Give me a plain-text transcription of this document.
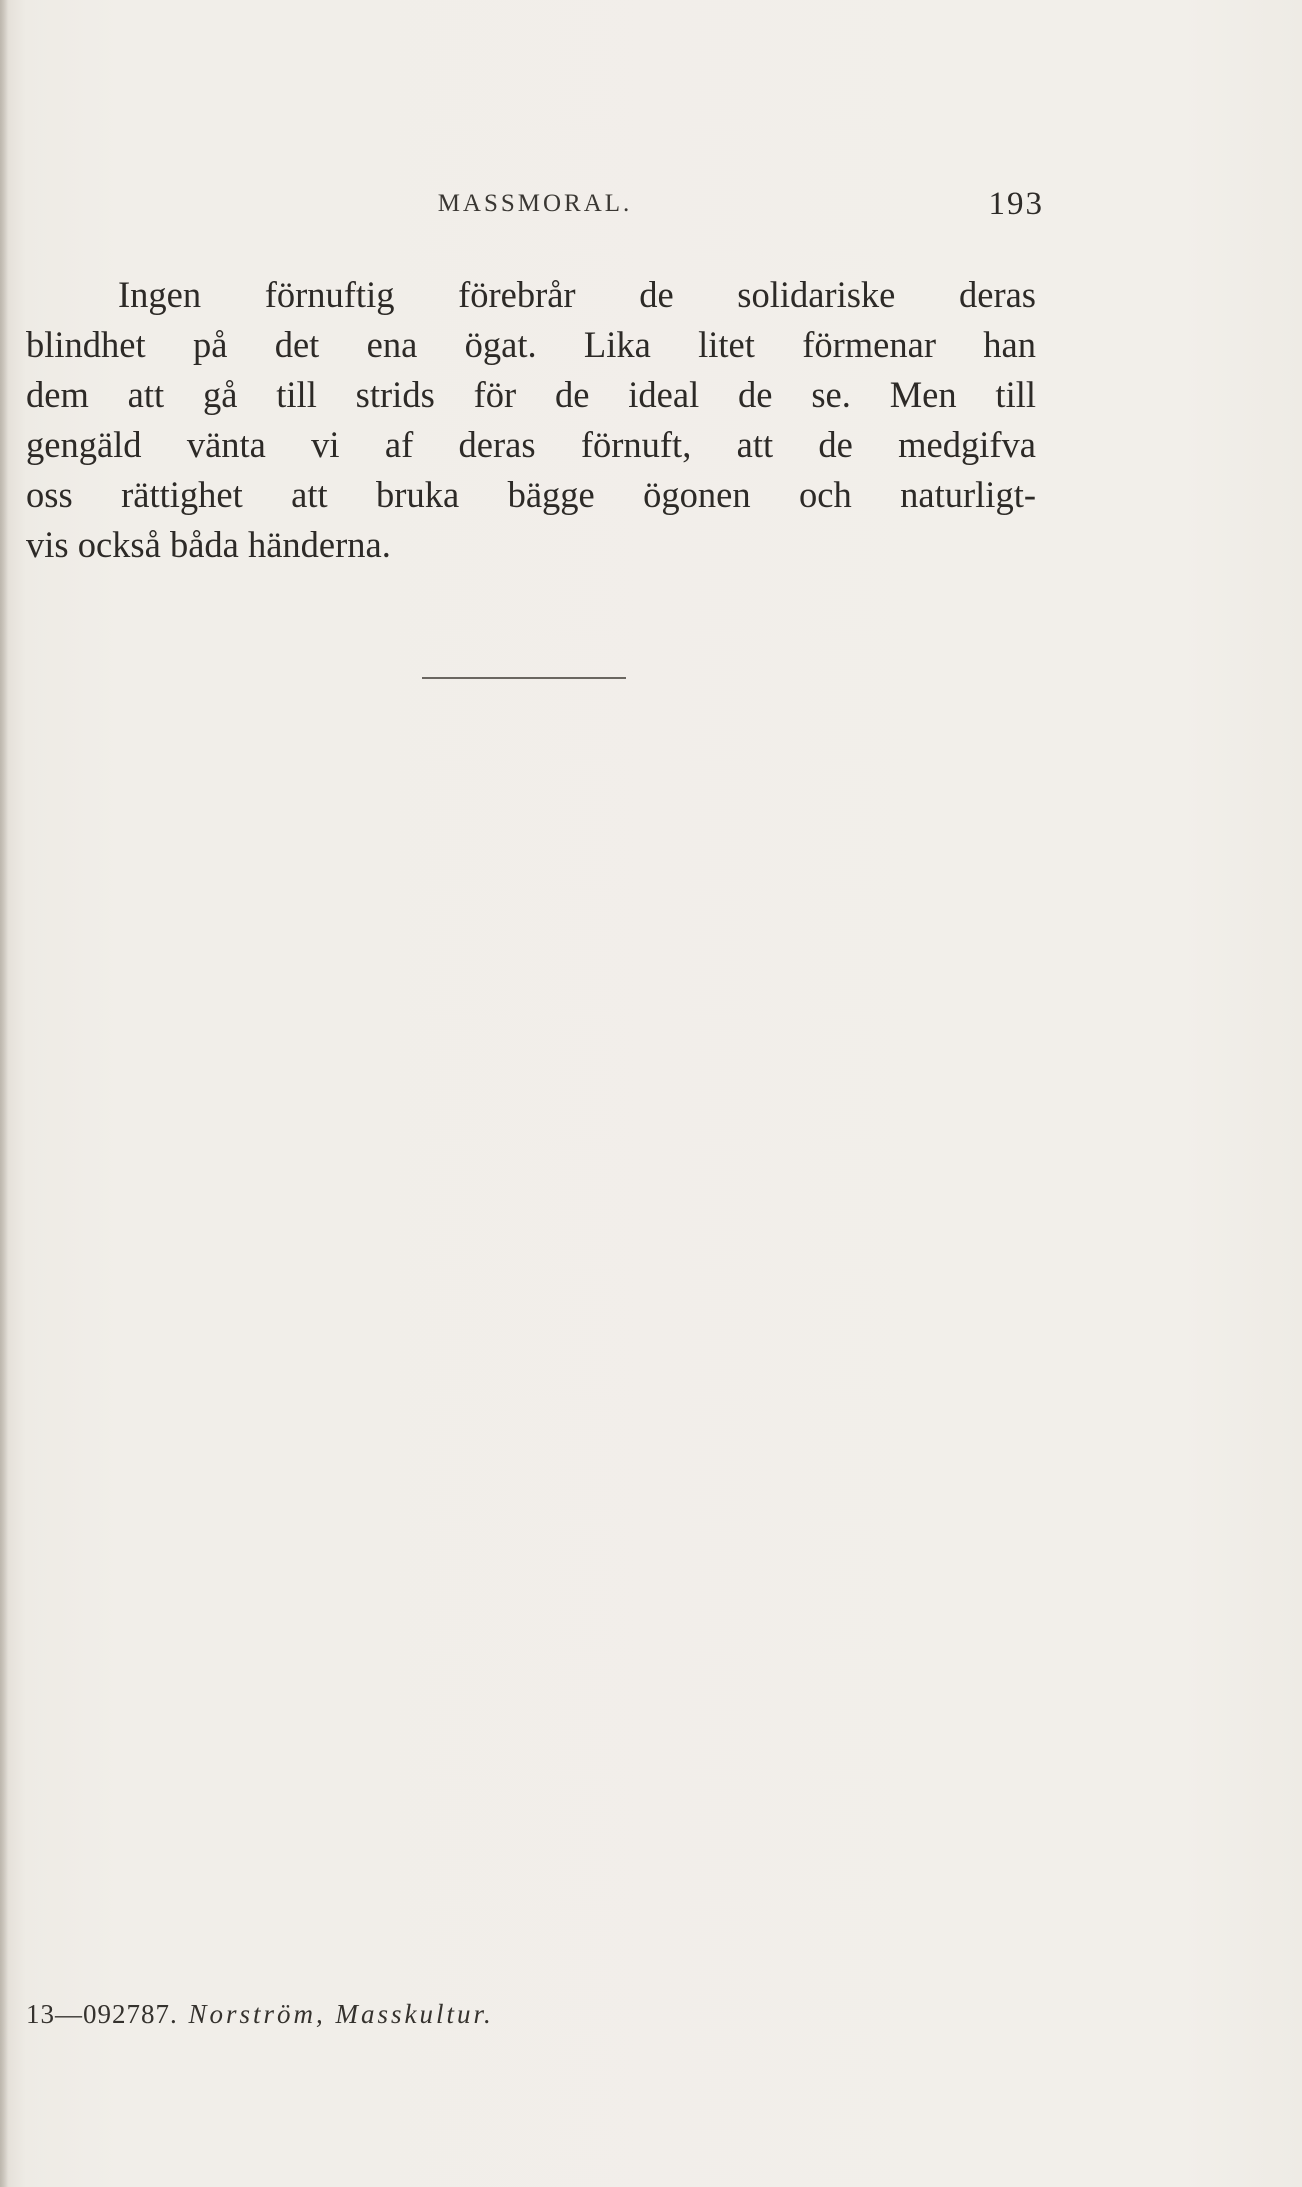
MASSMORAL.	193
Ingen förnuftig förebrår de solidariske deras
blindhet på det ena ögat. Lika litet förmenar han
dem att gå till strids för de ideal de se. Men till
gengäld vänta vi af deras förnuft, att de medgifva
oss rättighet att bruka bägge ögonen och naturligt-
vis också båda händerna.
13—092787. Norström, Masskultur.
